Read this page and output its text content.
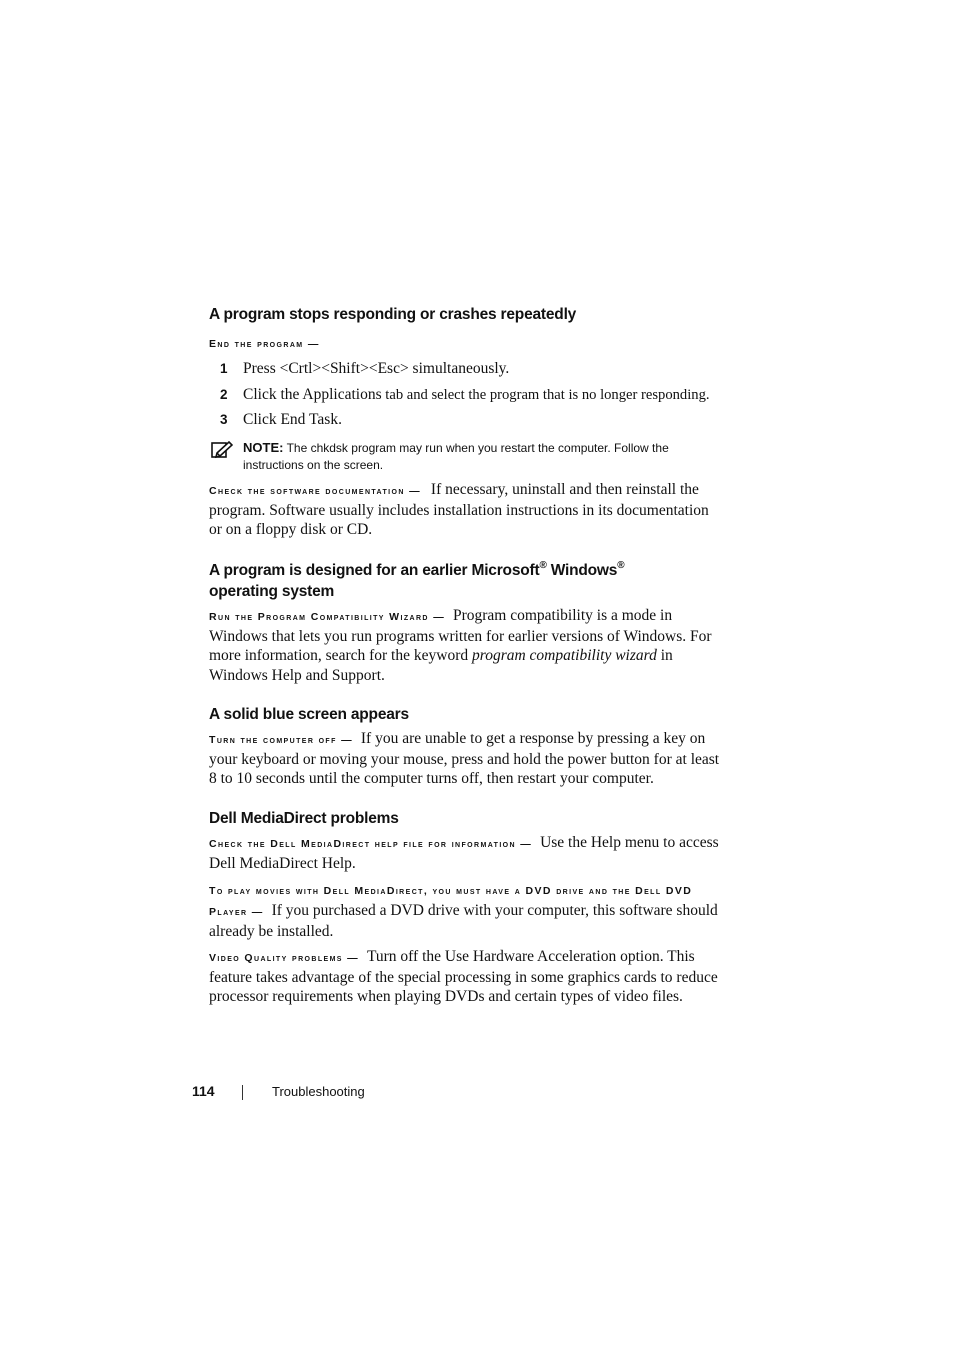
A program stops responding or crashes repeatedly
End the program —
1 Press <Crtl><Shift><Esc> simultaneously.
2 Click the Applications tab and select the program that is no longer responding.
3 Click End Task.
NOTE: The chkdsk program may run when you restart the computer. Follow the instructions on the screen.
Check the software documentation — If necessary, uninstall and then reinstall the program. Software usually includes installation instructions in its documentation or on a floppy disk or CD.
A program is designed for an earlier Microsoft® Windows®
operating system
Run the Program Compatibility Wizard — Program compatibility is a mode in Windows that lets you run programs written for earlier versions of Windows. For more information, search for the keyword program compatibility wizard in Windows Help and Support.
A solid blue screen appears
Turn the computer off — If you are unable to get a response by pressing a key on your keyboard or moving your mouse, press and hold the power button for at least 8 to 10 seconds until the computer turns off, then restart your computer.
Dell MediaDirect problems
Check the Dell MediaDirect help file for information — Use the Help menu to access Dell MediaDirect Help.
To play movies with Dell MediaDirect, you must have a DVD drive and the Dell DVD Player — If you purchased a DVD drive with your computer, this software should already be installed.
Video Quality problems — Turn off the Use Hardware Acceleration option. This feature takes advantage of the special processing in some graphics cards to reduce processor requirements when playing DVDs and certain types of video files.
114	Troubleshooting
